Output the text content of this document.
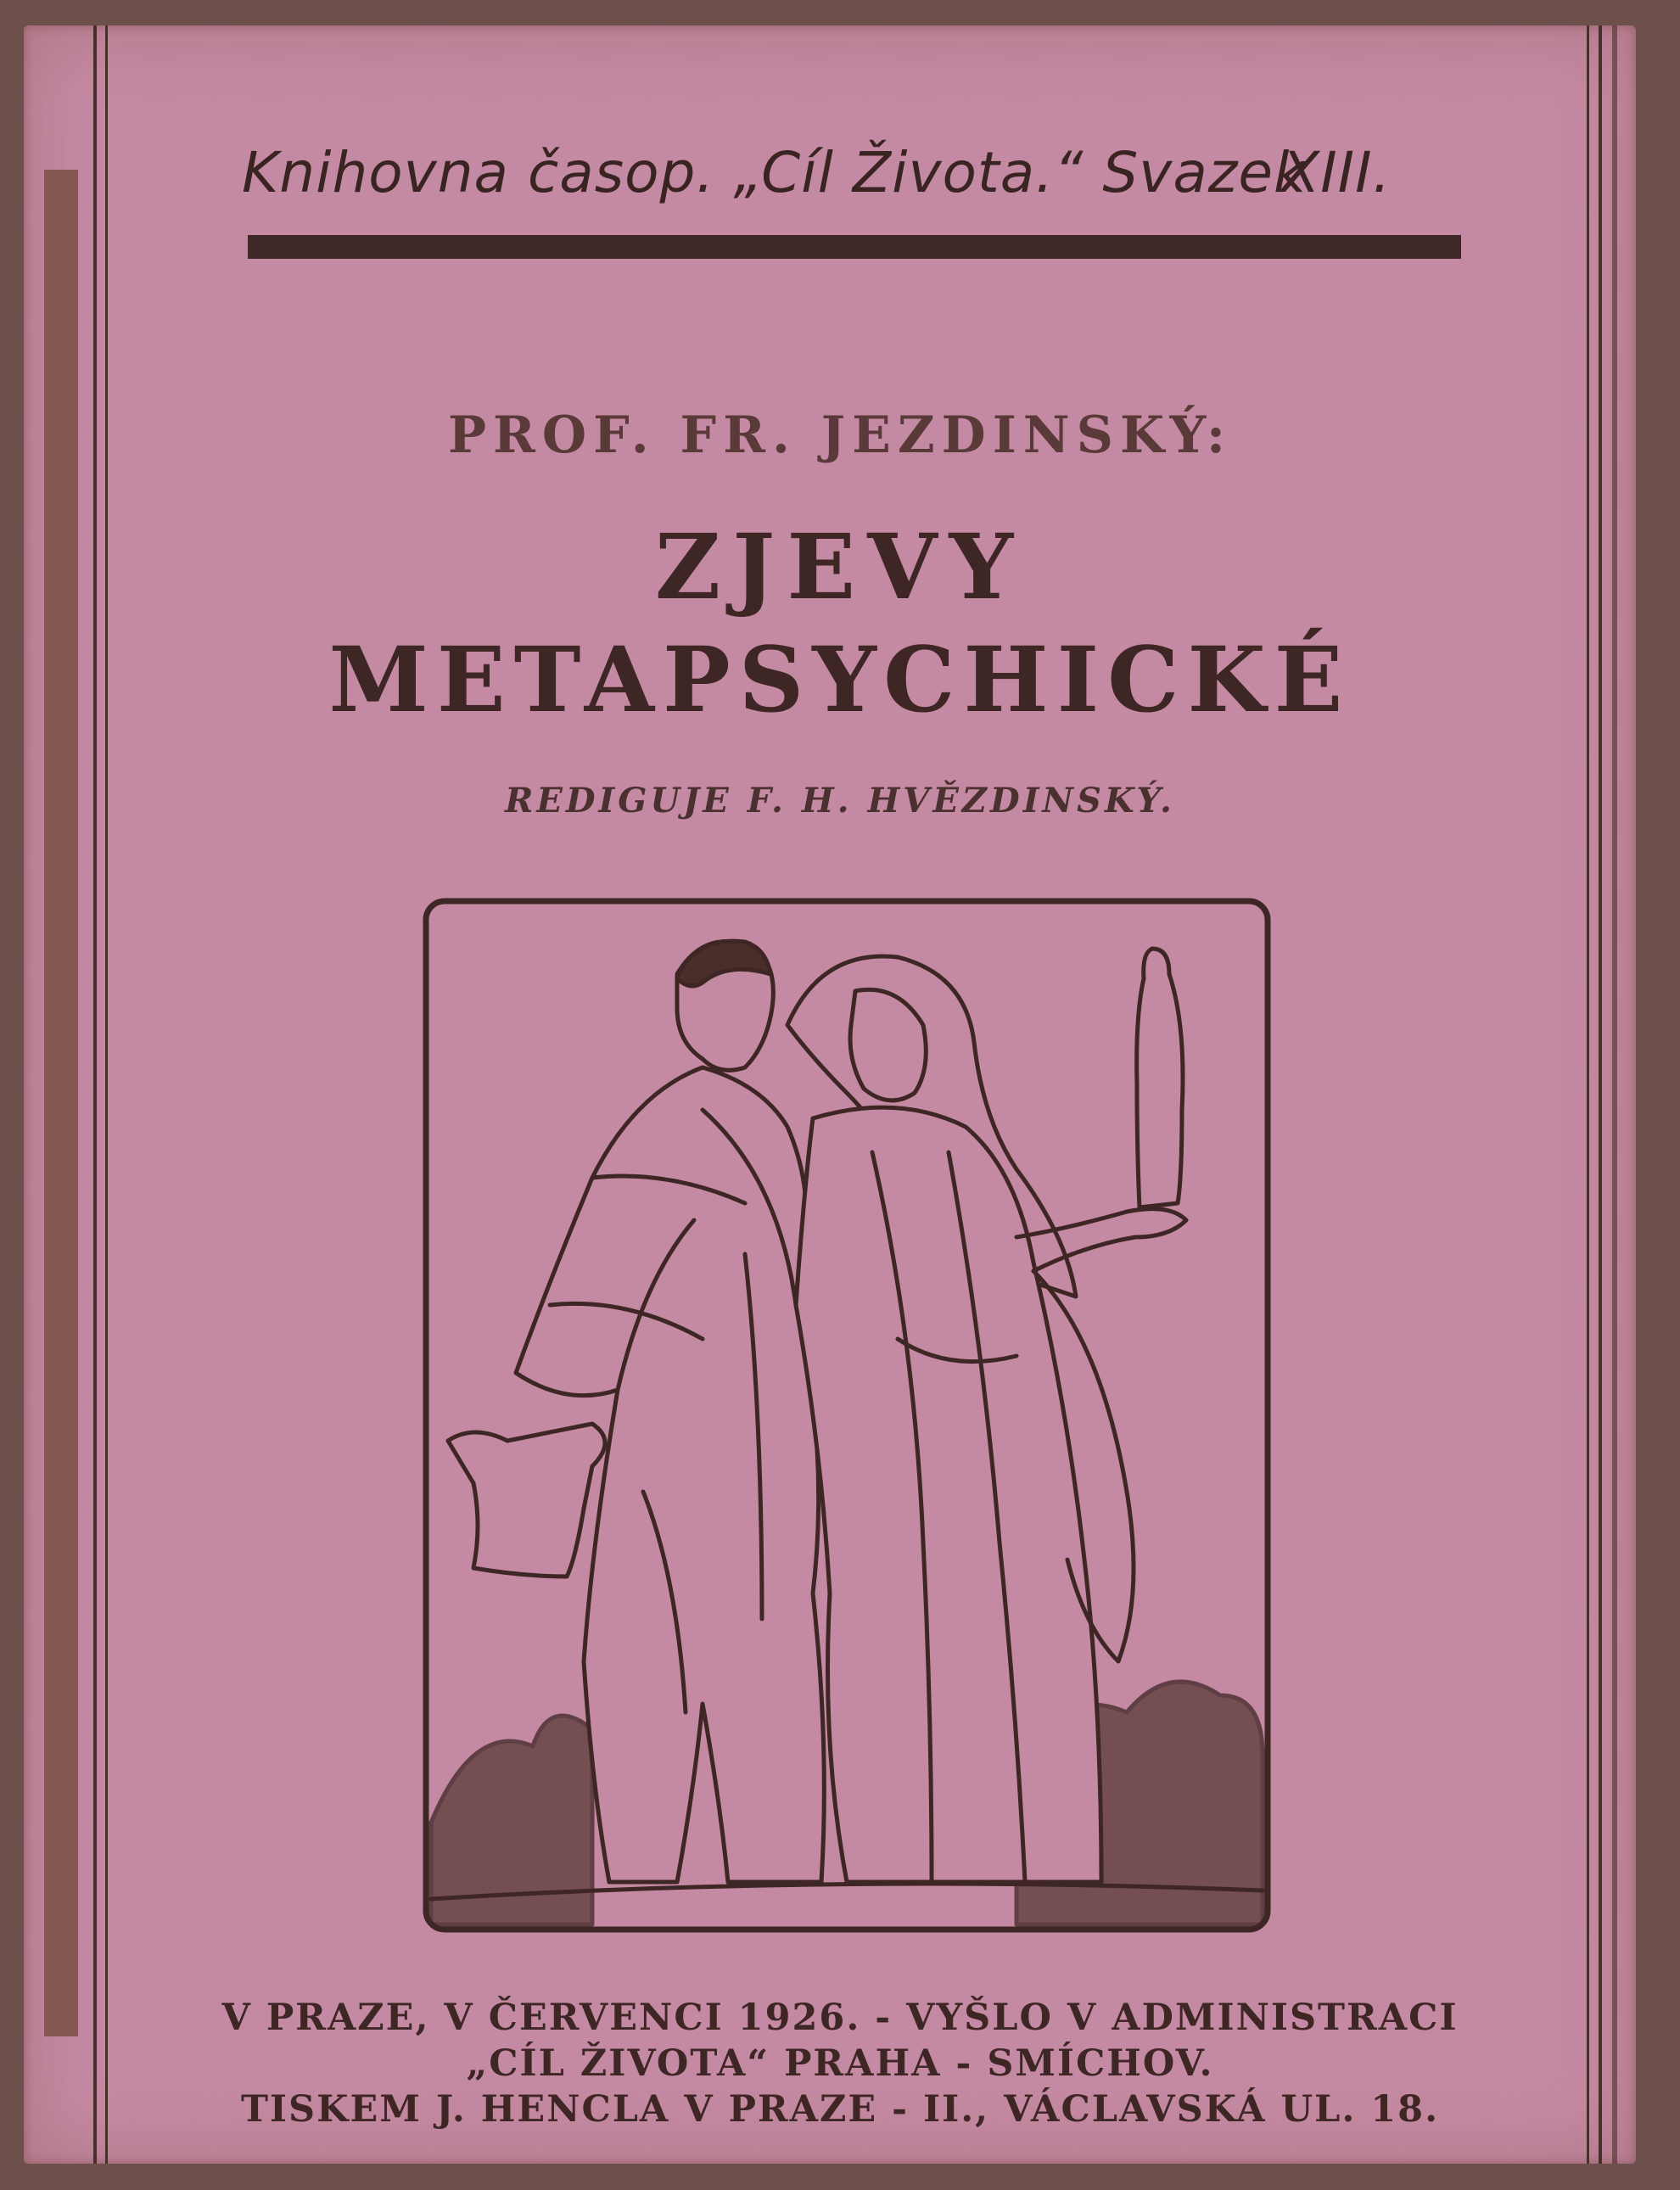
Knihovna časop. „Cíl Života.“ Svazek
XIII.
PROF. FR. JEZDINSKÝ:
ZJEVY
METAPSYCHICKÉ
REDIGUJE F. H. HVĚZDINSKÝ.
V PRAZE, V ČERVENCI 1926. - VYŠLO V ADMINISTRACI
„CÍL ŽIVOTA“ PRAHA - SMÍCHOV.
TISKEM J. HENCLA V PRAZE - II., VÁCLAVSKÁ UL. 18.
